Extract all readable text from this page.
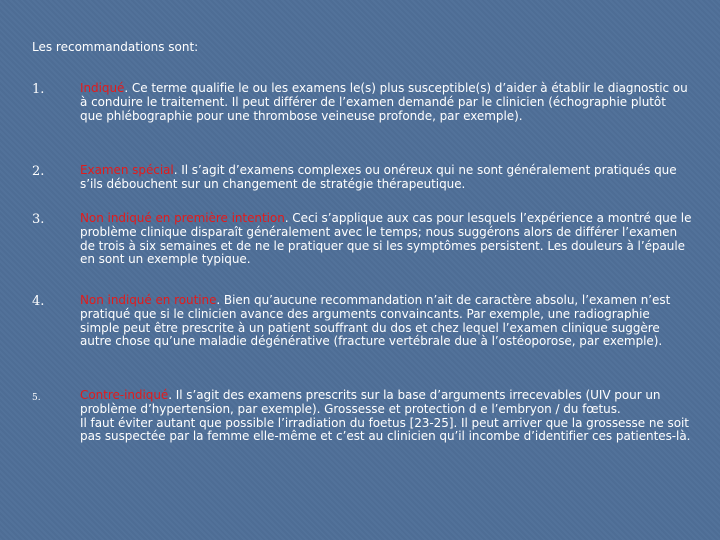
Les recommandations sont:
1.	Indiqué. Ce terme qualifie le ou les examens le(s) plus susceptible(s) d’aider à établir le diagnostic ou à conduire le traitement. Il peut différer de l’examen demandé par le clinicien (échographie plutôt que phlébographie pour une thrombose veineuse profonde, par exemple).
2.	Examen spécial. Il s’agit d’examens complexes ou onéreux qui ne sont généralement pratiqués que s’ils débouchent sur un changement de stratégie thérapeutique.
3.	Non indiqué en première intention. Ceci s’applique aux cas pour lesquels l’expérience a montré que le problème clinique disparaît généralement avec le temps; nous suggérons alors de différer l’examen de trois à six semaines et de ne le pratiquer que si les symptômes persistent. Les douleurs à l’épaule en sont un exemple typique.
4.	Non indiqué en routine. Bien qu’aucune recommandation n’ait de caractère absolu, l’examen n’est pratiqué que si le clinicien avance des arguments convaincants. Par exemple, une radiographie simple peut être prescrite à un patient souffrant du dos et chez lequel l’examen clinique suggère autre chose qu’une maladie dégénérative (fracture vertébrale due à l’ostéoporose, par exemple).
5.	Contre-indiqué. Il s’agit des examens prescrits sur la base d’arguments irrecevables (UIV pour un problème d’hypertension, par exemple). Grossesse et protection d e l’embryon / du fœtus.
Il faut éviter autant que possible l’irradiation du foetus [23-25]. Il peut arriver que la grossesse ne soit pas suspectée par la femme elle-même et c’est au clinicien qu’il incombe d’identifier ces patientes-là.
